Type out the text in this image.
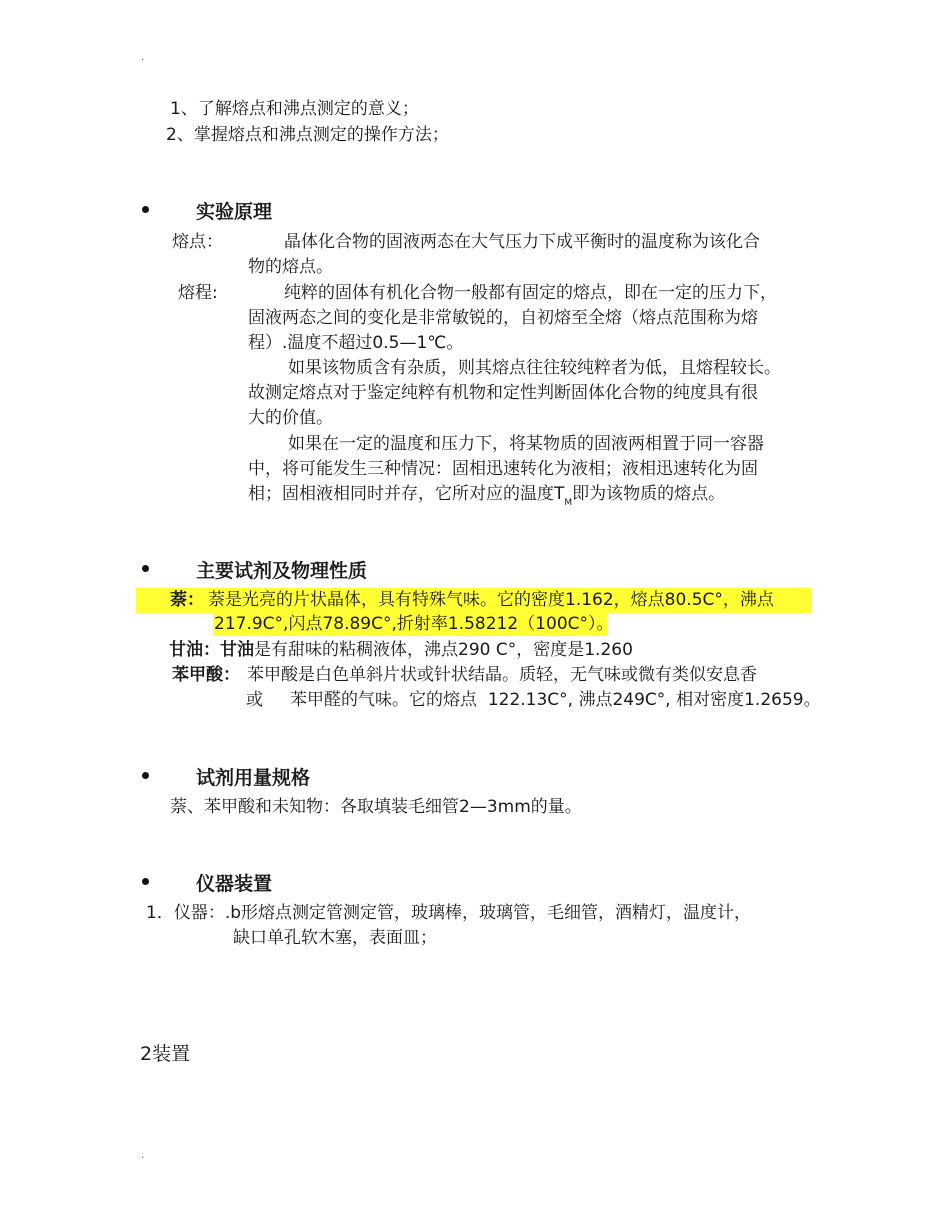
.
1、了解熔点和沸点测定的意义；
2、掌握熔点和沸点测定的操作方法；
实验原理
熔点：	晶体化合物的固液两态在大气压力下成平衡时的温度称为该化合
物的熔点。
熔程:	纯粹的固体有机化合物一般都有固定的熔点，即在一定的压力下，
固液两态之间的变化是非常敏锐的，自初熔至全熔（熔点范围称为熔
程）.温度不超过0.5—1℃。
如果该物质含有杂质，则其熔点往往较纯粹者为低，且熔程较长。
故测定熔点对于鉴定纯粹有机物和定性判断固体化合物的纯度具有很
大的价值。
如果在一定的温度和压力下，将某物质的固液两相置于同一容器
中，将可能发生三种情况：固相迅速转化为液相；液相迅速转化为固
相；固相液相同时并存，它所对应的温度$T_M$即为该物质的熔点。
主要试剂及物理性质
萘： 萘是光亮的片状晶体，具有特殊气味。它的密度1.162，熔点80.5C°，沸点
217.9C°,闪点78.89C°,折射率1.58212（100C°）。
甘油：甘油是有甜味的粘稠液体，沸点290 C°，密度是1.260
苯甲酸： 苯甲酸是白色单斜片状或针状结晶。质轻，无气味或微有类似安息香
或     苯甲醛的气味。它的熔点  122.13C°, 沸点249C°, 相对密度1.2659。
试剂用量规格
萘、苯甲酸和未知物：各取填装毛细管2—3mm的量。
仪器装置
1．仪器：.b形熔点测定管测定管，玻璃棒，玻璃管，毛细管，酒精灯，温度计，
缺口单孔软木塞，表面皿；
2装置
.
